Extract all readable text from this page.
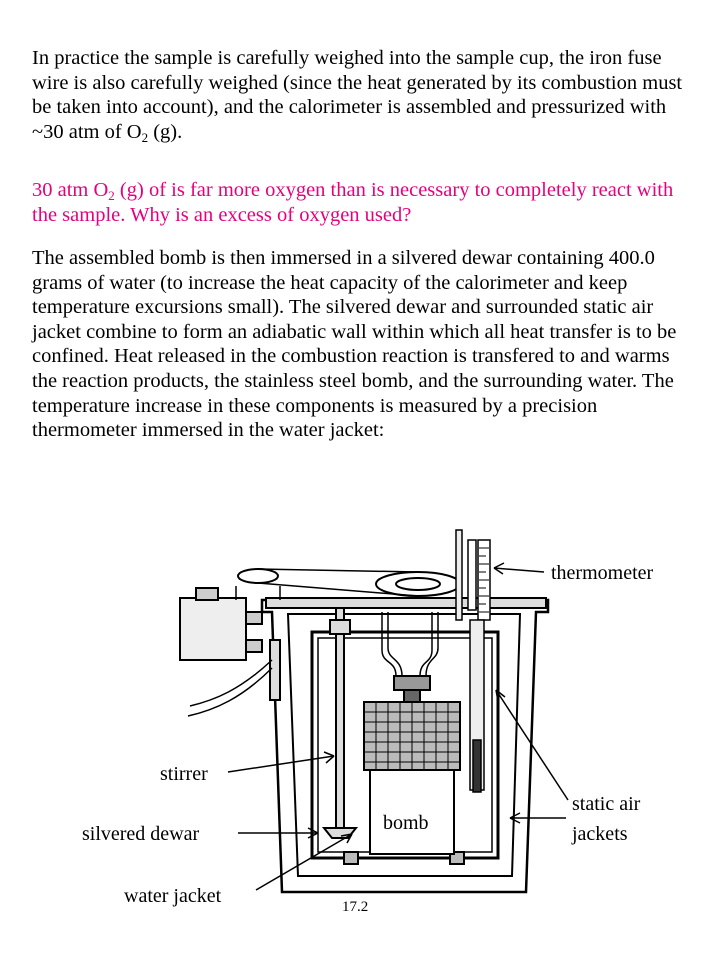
In practice the sample is carefully weighed into the sample cup, the iron fuse wire is also carefully weighed (since the heat generated by its combustion must be taken into account), and the calorimeter is assembled and pressurized with ~30 atm of $O_2$ (g).

30 atm $O_2$ (g) of is far more oxygen than is necessary to completely react with the sample. Why is an excess of oxygen used?

The assembled bomb is then immersed in a silvered dewar containing 400.0 grams of water (to increase the heat capacity of the calorimeter and keep temperature excursions small). The silvered dewar and surrounded static air jacket combine to form an adiabatic wall within which all heat transfer is to be confined. Heat released in the combustion reaction is transfered to and warms the reaction products, the stainless steel bomb, and the surrounding water. The temperature increase in these components is measured by a precision thermometer immersed in the water jacket:

thermometer
stirrer
static air
jackets
silvered dewar	bomb
water jacket	17.2
